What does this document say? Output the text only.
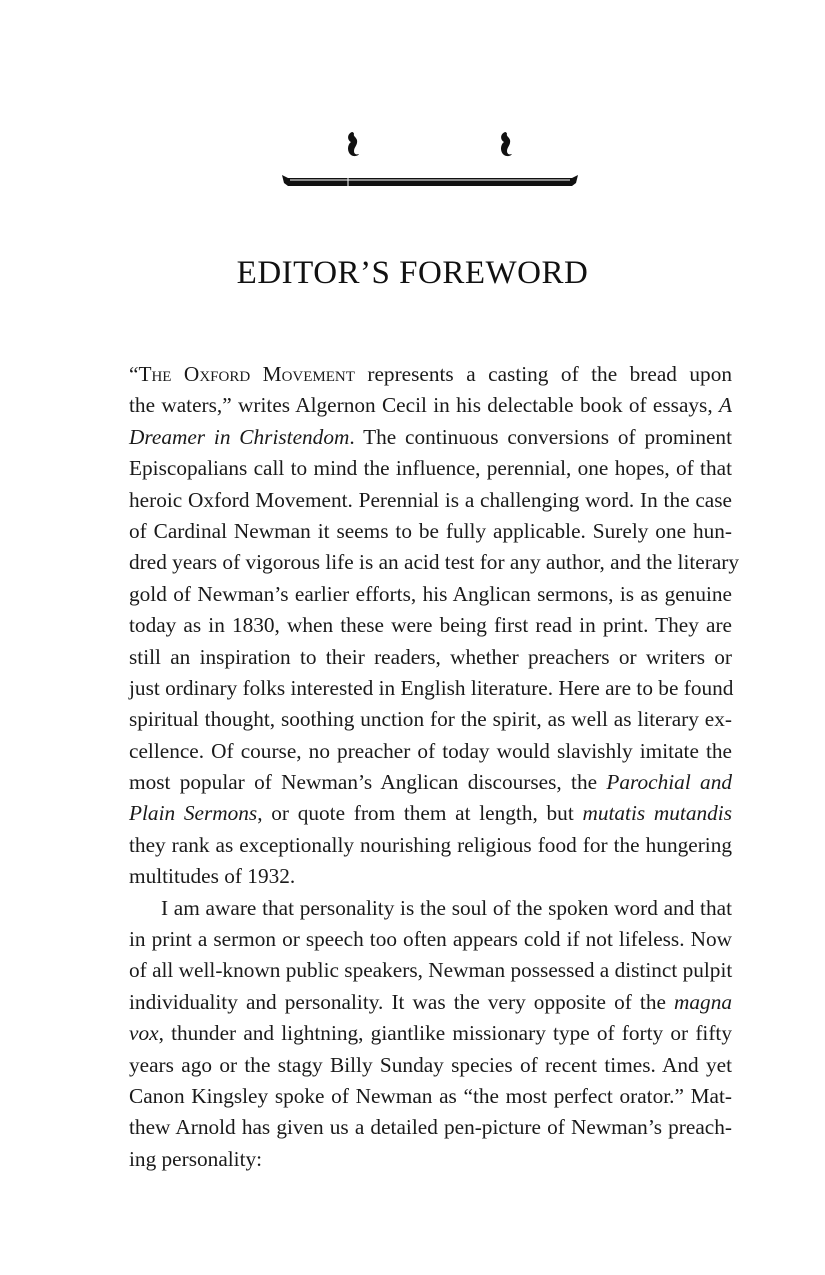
EDITOR’S FOREWORD
“The Oxford Movement represents a casting of the bread upon
the waters,” writes Algernon Cecil in his delectable book of essays, A
Dreamer in Christendom. The continuous conversions of prominent
Episcopalians call to mind the influence, perennial, one hopes, of that
heroic Oxford Movement. Perennial is a challenging word. In the case
of Cardinal Newman it seems to be fully applicable. Surely one hun-
dred years of vigorous life is an acid test for any author, and the literary
gold of Newman’s earlier efforts, his Anglican sermons, is as genuine
today as in 1830, when these were being first read in print. They are
still an inspiration to their readers, whether preachers or writers or
just ordinary folks interested in English literature. Here are to be found
spiritual thought, soothing unction for the spirit, as well as literary ex-
cellence. Of course, no preacher of today would slavishly imitate the
most popular of Newman’s Anglican discourses, the Parochial and
Plain Sermons, or quote from them at length, but mutatis mutandis
they rank as exceptionally nourishing religious food for the hungering
multitudes of 1932.
I am aware that personality is the soul of the spoken word and that
in print a sermon or speech too often appears cold if not lifeless. Now
of all well-known public speakers, Newman possessed a distinct pulpit
individuality and personality. It was the very opposite of the magna
vox, thunder and lightning, giantlike missionary type of forty or fifty
years ago or the stagy Billy Sunday species of recent times. And yet
Canon Kingsley spoke of Newman as “the most perfect orator.” Mat-
thew Arnold has given us a detailed pen-picture of Newman’s preach-
ing personality:
